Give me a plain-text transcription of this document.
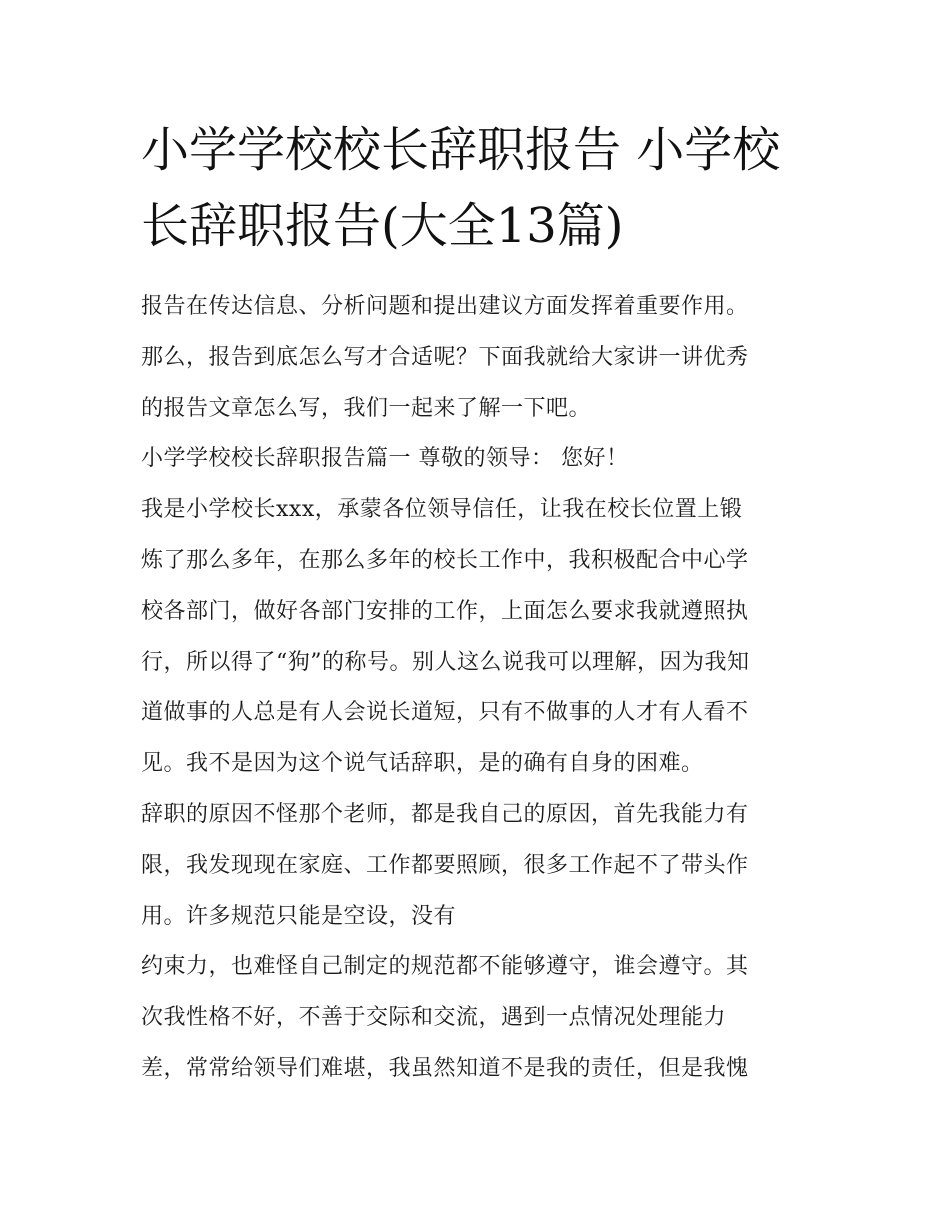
小学学校校长辞职报告 小学校长辞职报告(大全13篇)
报告在传达信息、分析问题和提出建议方面发挥着重要作用。
那么，报告到底怎么写才合适呢？下面我就给大家讲一讲优秀
的报告文章怎么写，我们一起来了解一下吧。
小学学校校长辞职报告篇一 尊敬的领导： 您好！
我是小学校长xxx，承蒙各位领导信任，让我在校长位置上锻
炼了那么多年，在那么多年的校长工作中，我积极配合中心学
校各部门，做好各部门安排的工作，上面怎么要求我就遵照执
行，所以得了“狗”的称号。别人这么说我可以理解，因为我知
道做事的人总是有人会说长道短，只有不做事的人才有人看不
见。我不是因为这个说气话辞职，是的确有自身的困难。
辞职的原因不怪那个老师，都是我自己的原因，首先我能力有
限，我发现现在家庭、工作都要照顾，很多工作起不了带头作
用。许多规范只能是空设，没有
约束力，也难怪自己制定的规范都不能够遵守，谁会遵守。其
次我性格不好，不善于交际和交流，遇到一点情况处理能力
差，常常给领导们难堪，我虽然知道不是我的责任，但是我愧
